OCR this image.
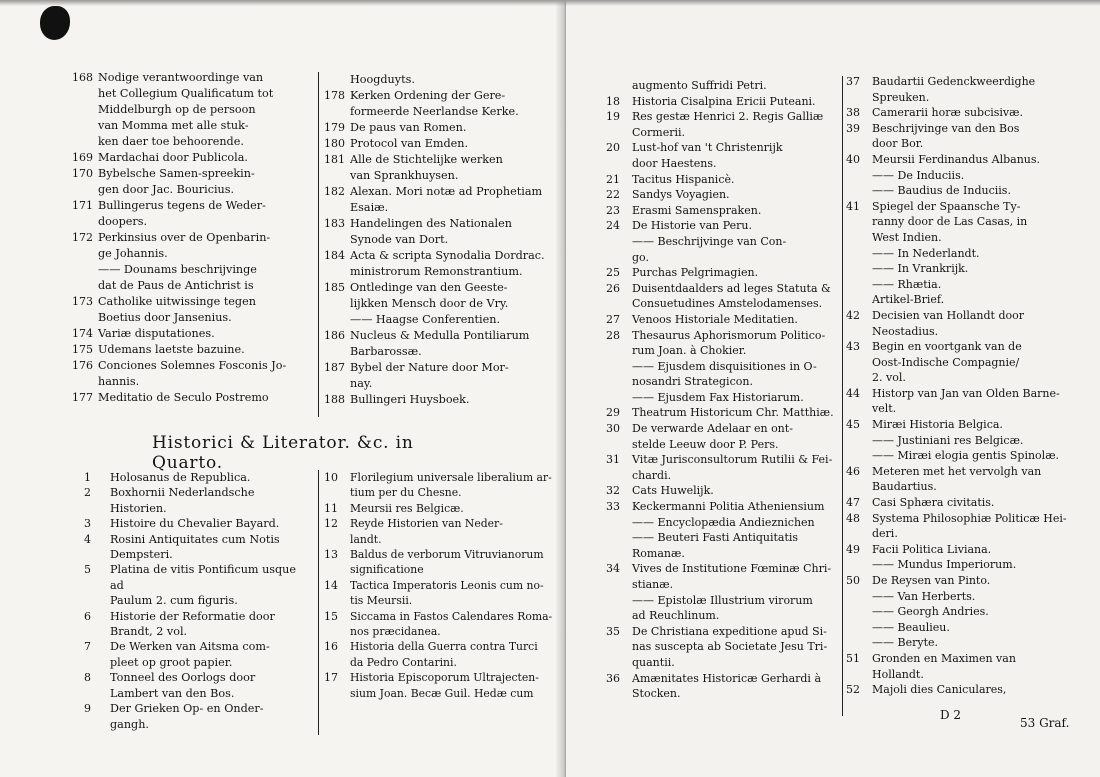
168 Nodige verantwoordinge van
het Collegium Qualificatum tot
Middelburgh op de persoon
van Momma met alle stuk-
ken daer toe behoorende.
169 Mardachai door Publicola.
170 Bybelsche Samen-spreekin-
gen door Jac. Bouricius.
171 Bullingerus tegens de Weder-
doopers.
172 Perkinsius over de Openbarin-
ge Johannis.
—— Dounams beschrijvinge
dat de Paus de Antichrist is
173 Catholike uitwissinge tegen
Boetius door Jansenius.
174 Variæ disputationes.
175 Udemans laetste bazuine.
176 Conciones Solemnes Fosconis Jo-
hannis.
177 Meditatio de Seculo Postremo
Hoogduyts.
178 Kerken Ordening der Gere-
formeerde Neerlandse Kerke.
179 De paus van Romen.
180 Protocol van Emden.
181 Alle de Stichtelijke werken
van Sprankhuysen.
182 Alexan. Mori notæ ad Prophetiam
Esaiæ.
183 Handelingen des Nationalen
Synode van Dort.
184 Acta & scripta Synodalia Dordrac.
ministrorum Remonstrantium.
185 Ontledinge van den Geeste-
lijkken Mensch door de Vry.
—— Haagse Conferentien.
186 Nucleus & Medulla Pontiliarum
Barbarossæ.
187 Bybel der Nature door Mor-
nay.
188 Bullingeri Huysboek.
Historici & Literator. &c. in Quarto.
1	Holosanus de Republica.
2	Boxhornii Nederlandsche
Historien.
3	Histoire du Chevalier Bayard.
4	Rosini Antiquitates cum Notis
Dempsteri.
5	Platina de vitis Pontificum usque ad
Paulum 2. cum figuris.
6	Historie der Reformatie door
Brandt, 2 vol.
7	De Werken van Aitsma com-
pleet op groot papier.
8	Tonneel des Oorlogs door
Lambert van den Bos.
9	Der Grieken Op- en Onder-
gangh.
10	Florilegium universale liberalium ar-
tium per du Chesne.
11	Meursii res Belgicæ.
12	Reyde Historien van Neder-
landt.
13	Baldus de verborum Vitruvianorum
significatione
14	Tactica Imperatoris Leonis cum no-
tis Meursii.
15	Siccama in Fastos Calendares Roma-
nos præcidanea.
16	Historia della Guerra contra Turci
da Pedro Contarini.
17	Historia Episcoporum Ultrajecten-
sium Joan. Becæ Guil. Hedæ cum
augmento Suffridi Petri.
18	Historia Cisalpina Ericii Puteani.
19	Res gestæ Henrici 2. Regis Galliæ
Cormerii.
20	Lust-hof van 't Christenrijk
door Haestens.
21	Tacitus Hispanicè.
22	Sandys Voyagien.
23	Erasmi Samenspraken.
24	De Historie van Peru.
—— Beschrijvinge van Con-
go.
25	Purchas Pelgrimagien.
26	Duisentdaalders ad leges Statuta &
Consuetudines Amstelodamenses.
27	Venoos Historiale Meditatien.
28	Thesaurus Aphorismorum Politico-
rum Joan. à Chokier.
—— Ejusdem disquisitiones in O-
nosandri Strategicon.
—— Ejusdem Fax Historiarum.
29	Theatrum Historicum Chr. Matthiæ.
30	De verwarde Adelaar en ont-
stelde Leeuw door P. Pers.
31	Vitæ Jurisconsultorum Rutilii & Fei-
chardi.
32	Cats Huwelijk.
33	Keckermanni Politia Atheniensium
—— Encyclopædia Andieznichen
—— Beuteri Fasti Antiquitatis
Romanæ.
34	Vives de Institutione Fœminæ Chri-
stianæ.
—— Epistolæ Illustrium virorum
ad Reuchlinum.
35	De Christiana expeditione apud Si-
nas suscepta ab Societate Jesu Tri-
quantii.
36	Amænitates Historicæ Gerhardi à
Stocken.
37	Baudartii Gedenckweerdighe
Spreuken.
38	Camerarii horæ subcisivæ.
39	Beschrijvinge van den Bos
door Bor.
40	Meursii Ferdinandus Albanus.
—— De Induciis.
—— Baudius de Induciis.
41	Spiegel der Spaansche Ty-
ranny door de Las Casas, in
West Indien.
—— In Nederlandt.
—— In Vrankrijk.
—— Rhætia.
Artikel-Brief.
42	Decisien van Hollandt door
Neostadius.
43	Begin en voortgank van de
Oost-Indische Compagnie/
2. vol.
44	Historp van Jan van Olden Barne-
velt.
45	Miræi Historia Belgica.
—— Justiniani res Belgicæ.
—— Miræi elogia gentis Spinolæ.
46	Meteren met het vervolgh van
Baudartius.
47	Casi Sphæra civitatis.
48	Systema Philosophiæ Politicæ Hei-
deri.
49	Facii Politica Liviana.
—— Mundus Imperiorum.
50	De Reysen van Pinto.
—— Van Herberts.
—— Georgh Andries.
—— Beaulieu.
—— Beryte.
51	Gronden en Maximen van
Hollandt.
52	Majoli dies Caniculares,
D 2
53 Graf.
